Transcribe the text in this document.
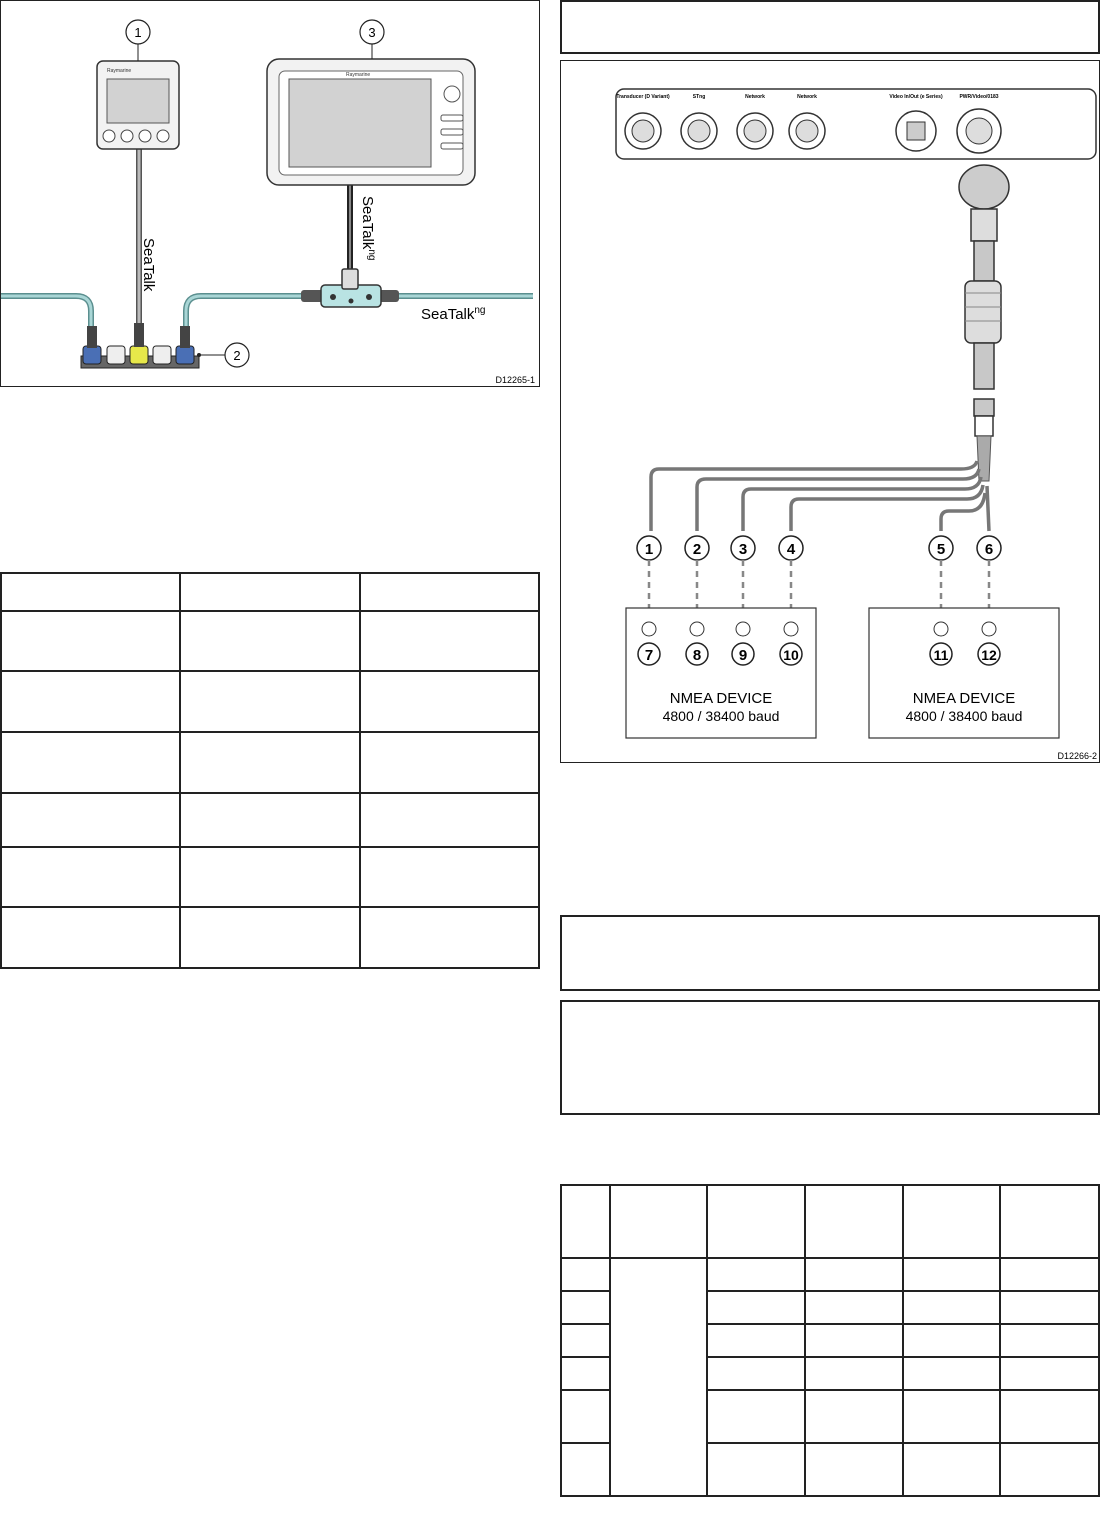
Raymarine
Raymarine
1	3
2
SeaTalk
SeaTalk$^{ng}$
SeaTalk$^{ng}$
D12265-1

Transducer (D Variant)	STng	Network	Network	Video In/Out (e Series)	PWR/Video/0183
1	2	3	4	5	6
7	8	9	10
NMEA DEVICE
4800 / 38400 baud
11 12
NMEA DEVICE
4800 / 38400 baud
D12266-2
